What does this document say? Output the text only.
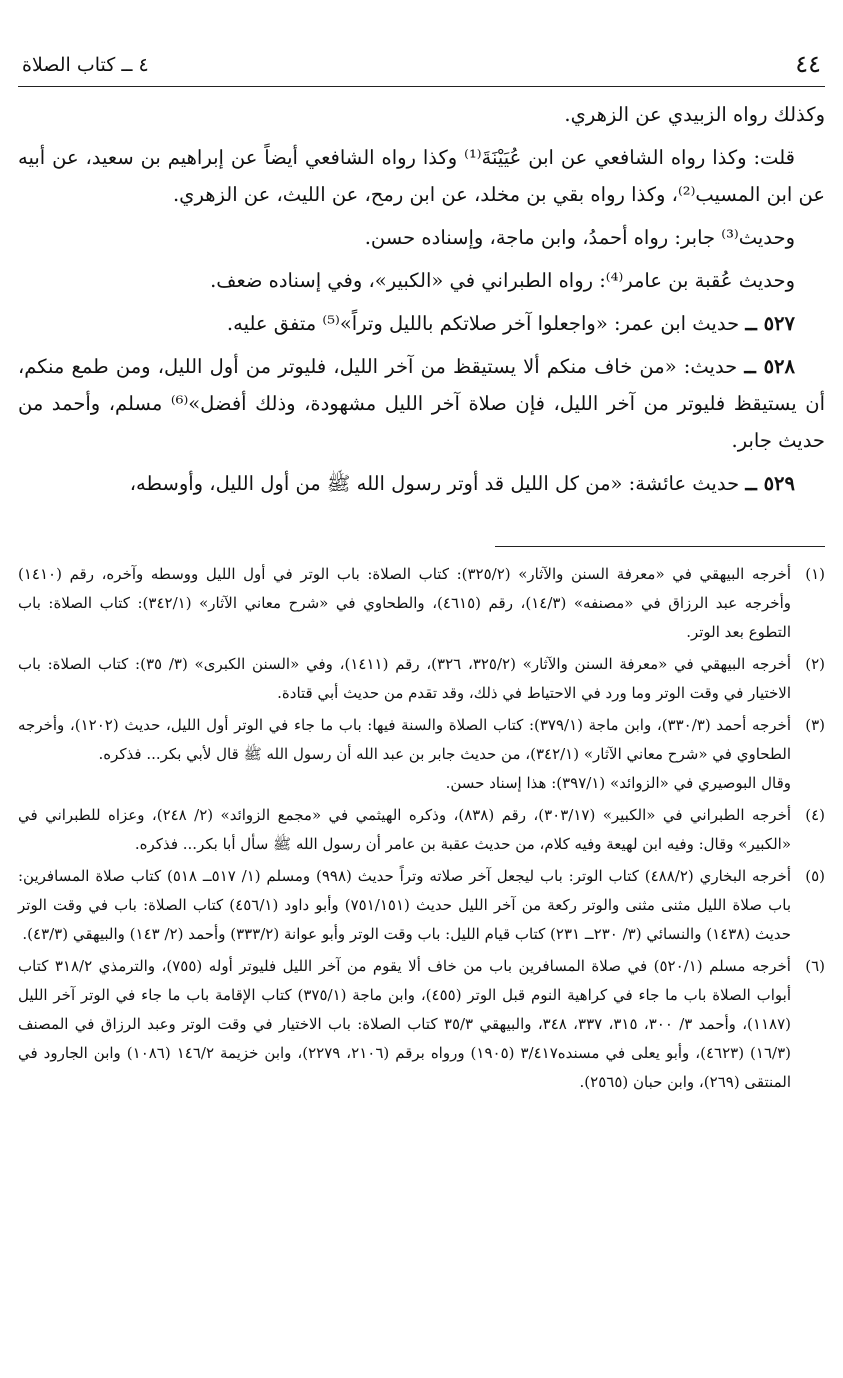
٤٤
٤ ــ كتاب الصلاة

وكذلك رواه الزبيدي عن الزهري.

قلت: وكذا رواه الشافعي عن ابن عُيَيْنَةَ⁽¹⁾ وكذا رواه الشافعي أيضاً عن إبراهيم بن سعيد، عن أبيه عن ابن المسيب⁽²⁾، وكذا رواه بقي بن مخلد، عن ابن رمح، عن الليث، عن الزهري.

وحديث⁽³⁾ جابر: رواه أحمدُ، وابن ماجة، وإسناده حسن.

وحديث عُقبة بن عامر⁽⁴⁾: رواه الطبراني في «الكبير»، وفي إسناده ضعف.

٥٢٧ ــ حديث ابن عمر: «واجعلوا آخر صلاتكم بالليل وتراً»⁽⁵⁾ متفق عليه.

٥٢٨ ــ حديث: «من خاف منكم ألا يستيقظ من آخر الليل، فليوتر من أول الليل، ومن طمع منكم، أن يستيقظ فليوتر من آخر الليل، فإن صلاة آخر الليل مشهودة، وذلك أفضل»⁽⁶⁾ مسلم، وأحمد من حديث جابر.

٥٢٩ ــ حديث عائشة: «من كل الليل قد أوتر رسول الله ﷺ من أول الليل، وأوسطه،

(١)
أخرجه البيهقي في «معرفة السنن والآثار» (٣٢٥/٢): كتاب الصلاة: باب الوتر في أول الليل ووسطه وآخره، رقم (١٤١٠) وأخرجه عبد الرزاق في «مصنفه» (١٤/٣)، رقم (٤٦١٥)، والطحاوي في «شرح معاني الآثار» (٣٤٢/١): كتاب الصلاة: باب التطوع بعد الوتر.
(٢)
أخرجه البيهقي في «معرفة السنن والآثار» (٣٢٥/٢، ٣٢٦)، رقم (١٤١١)، وفي «السنن الكبرى» (٣/ ٣٥): كتاب الصلاة: باب الاختيار في وقت الوتر وما ورد في الاحتياط في ذلك، وقد تقدم من حديث أبي قتادة.
(٣)
أخرجه أحمد (٣٣٠/٣)، وابن ماجة (٣٧٩/١): كتاب الصلاة والسنة فيها: باب ما جاء في الوتر أول الليل، حديث (١٢٠٢)، وأخرجه الطحاوي في «شرح معاني الآثار» (٣٤٢/١)، من حديث جابر بن عبد الله أن رسول الله ﷺ قال لأبي بكر... فذكره.
وقال البوصيري في «الزوائد» (٣٩٧/١): هذا إسناد حسن.
(٤)
أخرجه الطبراني في «الكبير» (٣٠٣/١٧)، رقم (٨٣٨)، وذكره الهيثمي في «مجمع الزوائد» (٢/ ٢٤٨)، وعزاه للطبراني في «الكبير» وقال: وفيه ابن لهيعة وفيه كلام، من حديث عقبة بن عامر أن رسول الله ﷺ سأل أبا بكر... فذكره.
(٥)
أخرجه البخاري (٤٨٨/٢) كتاب الوتر: باب ليجعل آخر صلاته وتراً حديث (٩٩٨) ومسلم (١/ ٥١٧ــ ٥١٨) كتاب صلاة المسافرين: باب صلاة الليل مثنى مثنى والوتر ركعة من آخر الليل حديث (٧٥١/١٥١) وأبو داود (٤٥٦/١) كتاب الصلاة: باب في وقت الوتر حديث (١٤٣٨) والنسائي (٣/ ٢٣٠ــ ٢٣١) كتاب قيام الليل: باب وقت الوتر وأبو عوانة (٣٣٣/٢) وأحمد (٢/ ١٤٣) والبيهقي (٤٣/٣).
(٦)
أخرجه مسلم (٥٢٠/١) في صلاة المسافرين باب من خاف ألا يقوم من آخر الليل فليوتر أوله (٧٥٥)، والترمذي ٣١٨/٢ كتاب أبواب الصلاة باب ما جاء في كراهية النوم قبل الوتر (٤٥٥)، وابن ماجة (٣٧٥/١) كتاب الإقامة باب ما جاء في الوتر آخر الليل (١١٨٧)، وأحمد ٣/ ٣٠٠، ٣١٥، ٣٣٧، ٣٤٨، والبيهقي ٣٥/٣ كتاب الصلاة: باب الاختيار في وقت الوتر وعبد الرزاق في المصنف (١٦/٣) (٤٦٢٣)، وأبو يعلى في مسنده٣/٤١٧ (١٩٠٥) ورواه برقم (٢١٠٦، ٢٢٧٩)، وابن خزيمة ١٤٦/٢ (١٠٨٦) وابن الجارود في المنتقى (٢٦٩)، وابن حبان (٢٥٦٥).
